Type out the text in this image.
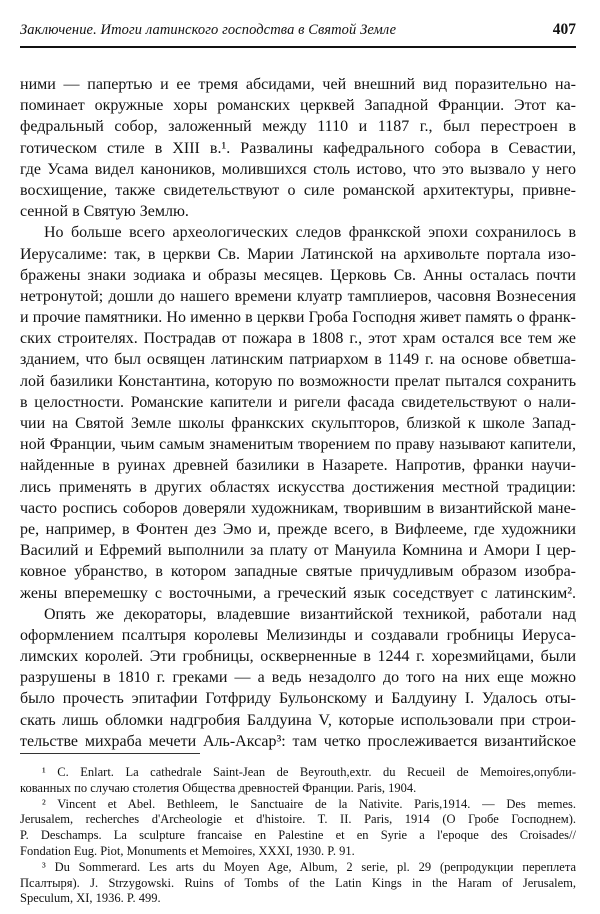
Заключение. Итоги латинского господства в Святой Земле	407
ними — папертью и ее тремя абсидами, чей внешний вид поразительно на-
поминает окружные хоры романских церквей Западной Франции. Этот ка-
федральный собор, заложенный между 1110 и 1187 г., был перестроен в
готическом стиле в XIII в.¹. Развалины кафедрального собора в Севастии,
где Усама видел каноников, молившихся столь истово, что это вызвало у него
восхищение, также свидетельствуют о силе романской архитектуры, привне-
сенной в Святую Землю.
Но больше всего археологических следов франкской эпохи сохранилось в
Иерусалиме: так, в церкви Св. Марии Латинской на архивольте портала изо-
бражены знаки зодиака и образы месяцев. Церковь Св. Анны осталась почти
нетронутой; дошли до нашего времени клуатр тамплиеров, часовня Вознесения
и прочие памятники. Но именно в церкви Гроба Господня живет память о франк-
ских строителях. Пострадав от пожара в 1808 г., этот храм остался все тем же
зданием, что был освящен латинским патриархом в 1149 г. на основе обветша-
лой базилики Константина, которую по возможности прелат пытался сохранить
в целостности. Романские капители и ригели фасада свидетельствуют о нали-
чии на Святой Земле школы франкских скульпторов, близкой к школе Запад-
ной Франции, чьим самым знаменитым творением по праву называют капители,
найденные в руинах древней базилики в Назарете. Напротив, франки научи-
лись применять в других областях искусства достижения местной традиции:
часто роспись соборов доверяли художникам, творившим в византийской мане-
ре, например, в Фонтен дез Эмо и, прежде всего, в Вифлееме, где художники
Василий и Ефремий выполнили за плату от Мануила Комнина и Амори I цер-
ковное убранство, в котором западные святые причудливым образом изобра-
жены вперемешку с восточными, а греческий язык соседствует с латинским².
Опять же декораторы, владевшие византийской техникой, работали над
оформлением псалтыря королевы Мелизинды и создавали гробницы Иеруса-
лимских королей. Эти гробницы, оскверненные в 1244 г. хорезмийцами, были
разрушены в 1810 г. греками — а ведь незадолго до того на них еще можно
было прочесть эпитафии Готфриду Бульонскому и Балдуину I. Удалось оты-
скать лишь обломки надгробия Балдуина V, которые использовали при строи-
тельстве михраба мечети Аль-Аксар³: там четко прослеживается византийское
¹ C. Enlart. La cathedrale Saint-Jean de Beyrouth,extr. du Recueil de Memoires,опубли-
кованных по случаю столетия Общества древностей Франции. Paris, 1904.
² Vincent et Abel. Bethleem, le Sanctuaire de la Nativite. Paris,1914. — Des memes.
Jerusalem, recherches d'Archeologie et d'histoire. T. II. Paris, 1914 (О Гробе Господнем).
P. Deschamps. La sculpture francaise en Palestine et en Syrie a l'epoque des Croisades//
Fondation Eug. Piot, Monuments et Memoires, XXXI, 1930. P. 91.
³ Du Sommerard. Les arts du Moyen Age, Album, 2 serie, pl. 29 (репродукции переплета
Псалтыря). J. Strzygowski. Ruins of Tombs of the Latin Kings in the Haram of Jerusalem,
Speculum, XI, 1936. P. 499.
